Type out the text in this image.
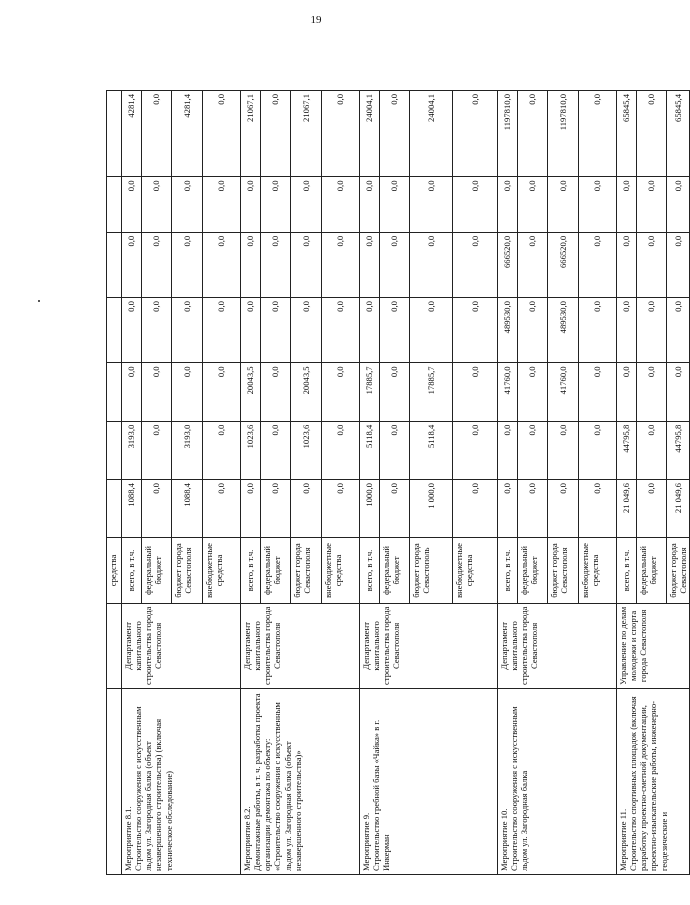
19
		средства							
Мероприятие 8.1.
Строительство сооружения с искусственным льдом ул. Загородная балка (объект незавершенного строительства) (включая техническое обследование)	Департамент капитального строительства города Севастополя	всего, в т.ч.	1088,4	3193,0	0,0	0,0	0,0	0,0	4281,4
		федеральный бюджет	0,0	0,0	0,0	0,0	0,0	0,0	0,0
		бюджет города Севастополя	1088,4	3193,0	0,0	0,0	0,0	0,0	4281,4
		внебюджетные средства	0,0	0,0	0,0	0,0	0,0	0,0	0,0
Мероприятие 8.2.
Демонтажные работы, в т. ч. разработка проекта организации демонтажа по объекту: «Строительство сооружения с искусственным льдом ул. Загородная балка (объект незавершенного строительства)»	Департамент капитального строительства города Севастополя	всего, в т.ч.	0,0	1023,6	20043,5	0,0	0,0	0,0	21067,1
		федеральный бюджет	0,0	0,0	0,0	0,0	0,0	0,0	0,0
		бюджет города Севастополя	0,0	1023,6	20043,5	0,0	0,0	0,0	21067,1
		внебюджетные средства	0,0	0,0	0,0	0,0	0,0	0,0	0,0
Мероприятие 9.
Строительство гребной базы «Чайка» в г. Инкерман	Департамент капитального строительства города Севастополя	всего, в т.ч.	1000,0	5118,4	17885,7	0,0	0,0	0,0	24004,1
		федеральный бюджет	0,0	0,0	0,0	0,0	0,0	0,0	0,0
		бюджет города Севастополь	1 000,0	5118,4	17885,7	0,0	0,0	0,0	24004,1
		внебюджетные средства	0,0	0,0	0,0	0,0	0,0	0,0	0,0
Мероприятие 10.
Строительство сооружения с искусственным льдом ул. Загородная балка	Департамент капитального строительства города Севастополя	всего, в т.ч.	0,0	0,0	41760,0	489530,0	666520,0	0,0	1197810,0
		федеральный бюджет	0,0	0,0	0,0	0,0	0,0	0,0	0,0
		бюджет города Севастополя	0,0	0,0	41760,0	489530,0	666520,0	0,0	1197810,0
		внебюджетные средства	0,0	0,0	0,0	0,0	0,0	0,0	0,0
Мероприятие 11.
Строительство спортивных площадок (включая разработку проектно-сметной документации, проектно-изыскательские работы, инженерно-геодезические и	Управление по делам молодежи и спорта города Севастополя	всего, в т.ч.	21 049,6	44795,8	0,0	0,0	0,0	0,0	65845,4
		федеральный бюджет	0,0	0,0	0,0	0,0	0,0	0,0	0,0
		бюджет города Севастополя	21 049,6	44795,8	0,0	0,0	0,0	0,0	65845,4
